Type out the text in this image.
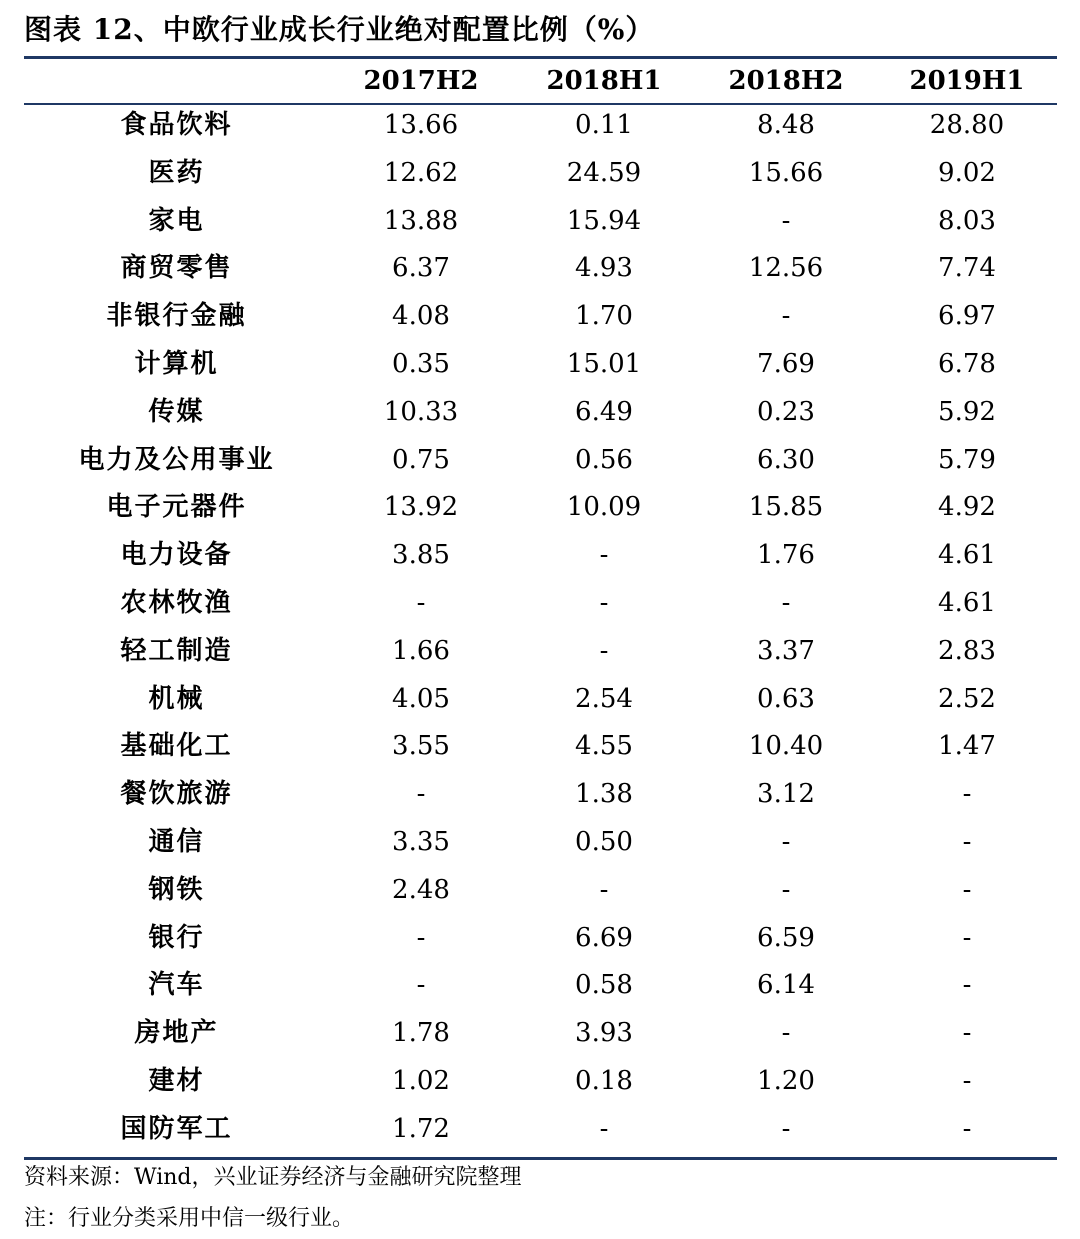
图表 12、中欧行业成长行业绝对配置比例（%）
2017H2	2018H1	2018H2	2019H1
食品饮料	13.66	0.11	8.48	28.80
医药	12.62	24.59	15.66	9.02
家电	13.88	15.94	-	8.03
商贸零售	6.37	4.93	12.56	7.74
非银行金融	4.08	1.70	-	6.97
计算机	0.35	15.01	7.69	6.78
传媒	10.33	6.49	0.23	5.92
电力及公用事业	0.75	0.56	6.30	5.79
电子元器件	13.92	10.09	15.85	4.92
电力设备	3.85	-	1.76	4.61
农林牧渔	-	-	-	4.61
轻工制造	1.66	-	3.37	2.83
机械	4.05	2.54	0.63	2.52
基础化工	3.55	4.55	10.40	1.47
餐饮旅游	-	1.38	3.12	-
通信	3.35	0.50	-	-
钢铁	2.48	-	-	-
银行	-	6.69	6.59	-
汽车	-	0.58	6.14	-
房地产	1.78	3.93	-	-
建材	1.02	0.18	1.20	-
国防军工	1.72	-	-	-
资料来源：Wind，兴业证券经济与金融研究院整理
注：行业分类采用中信一级行业。
